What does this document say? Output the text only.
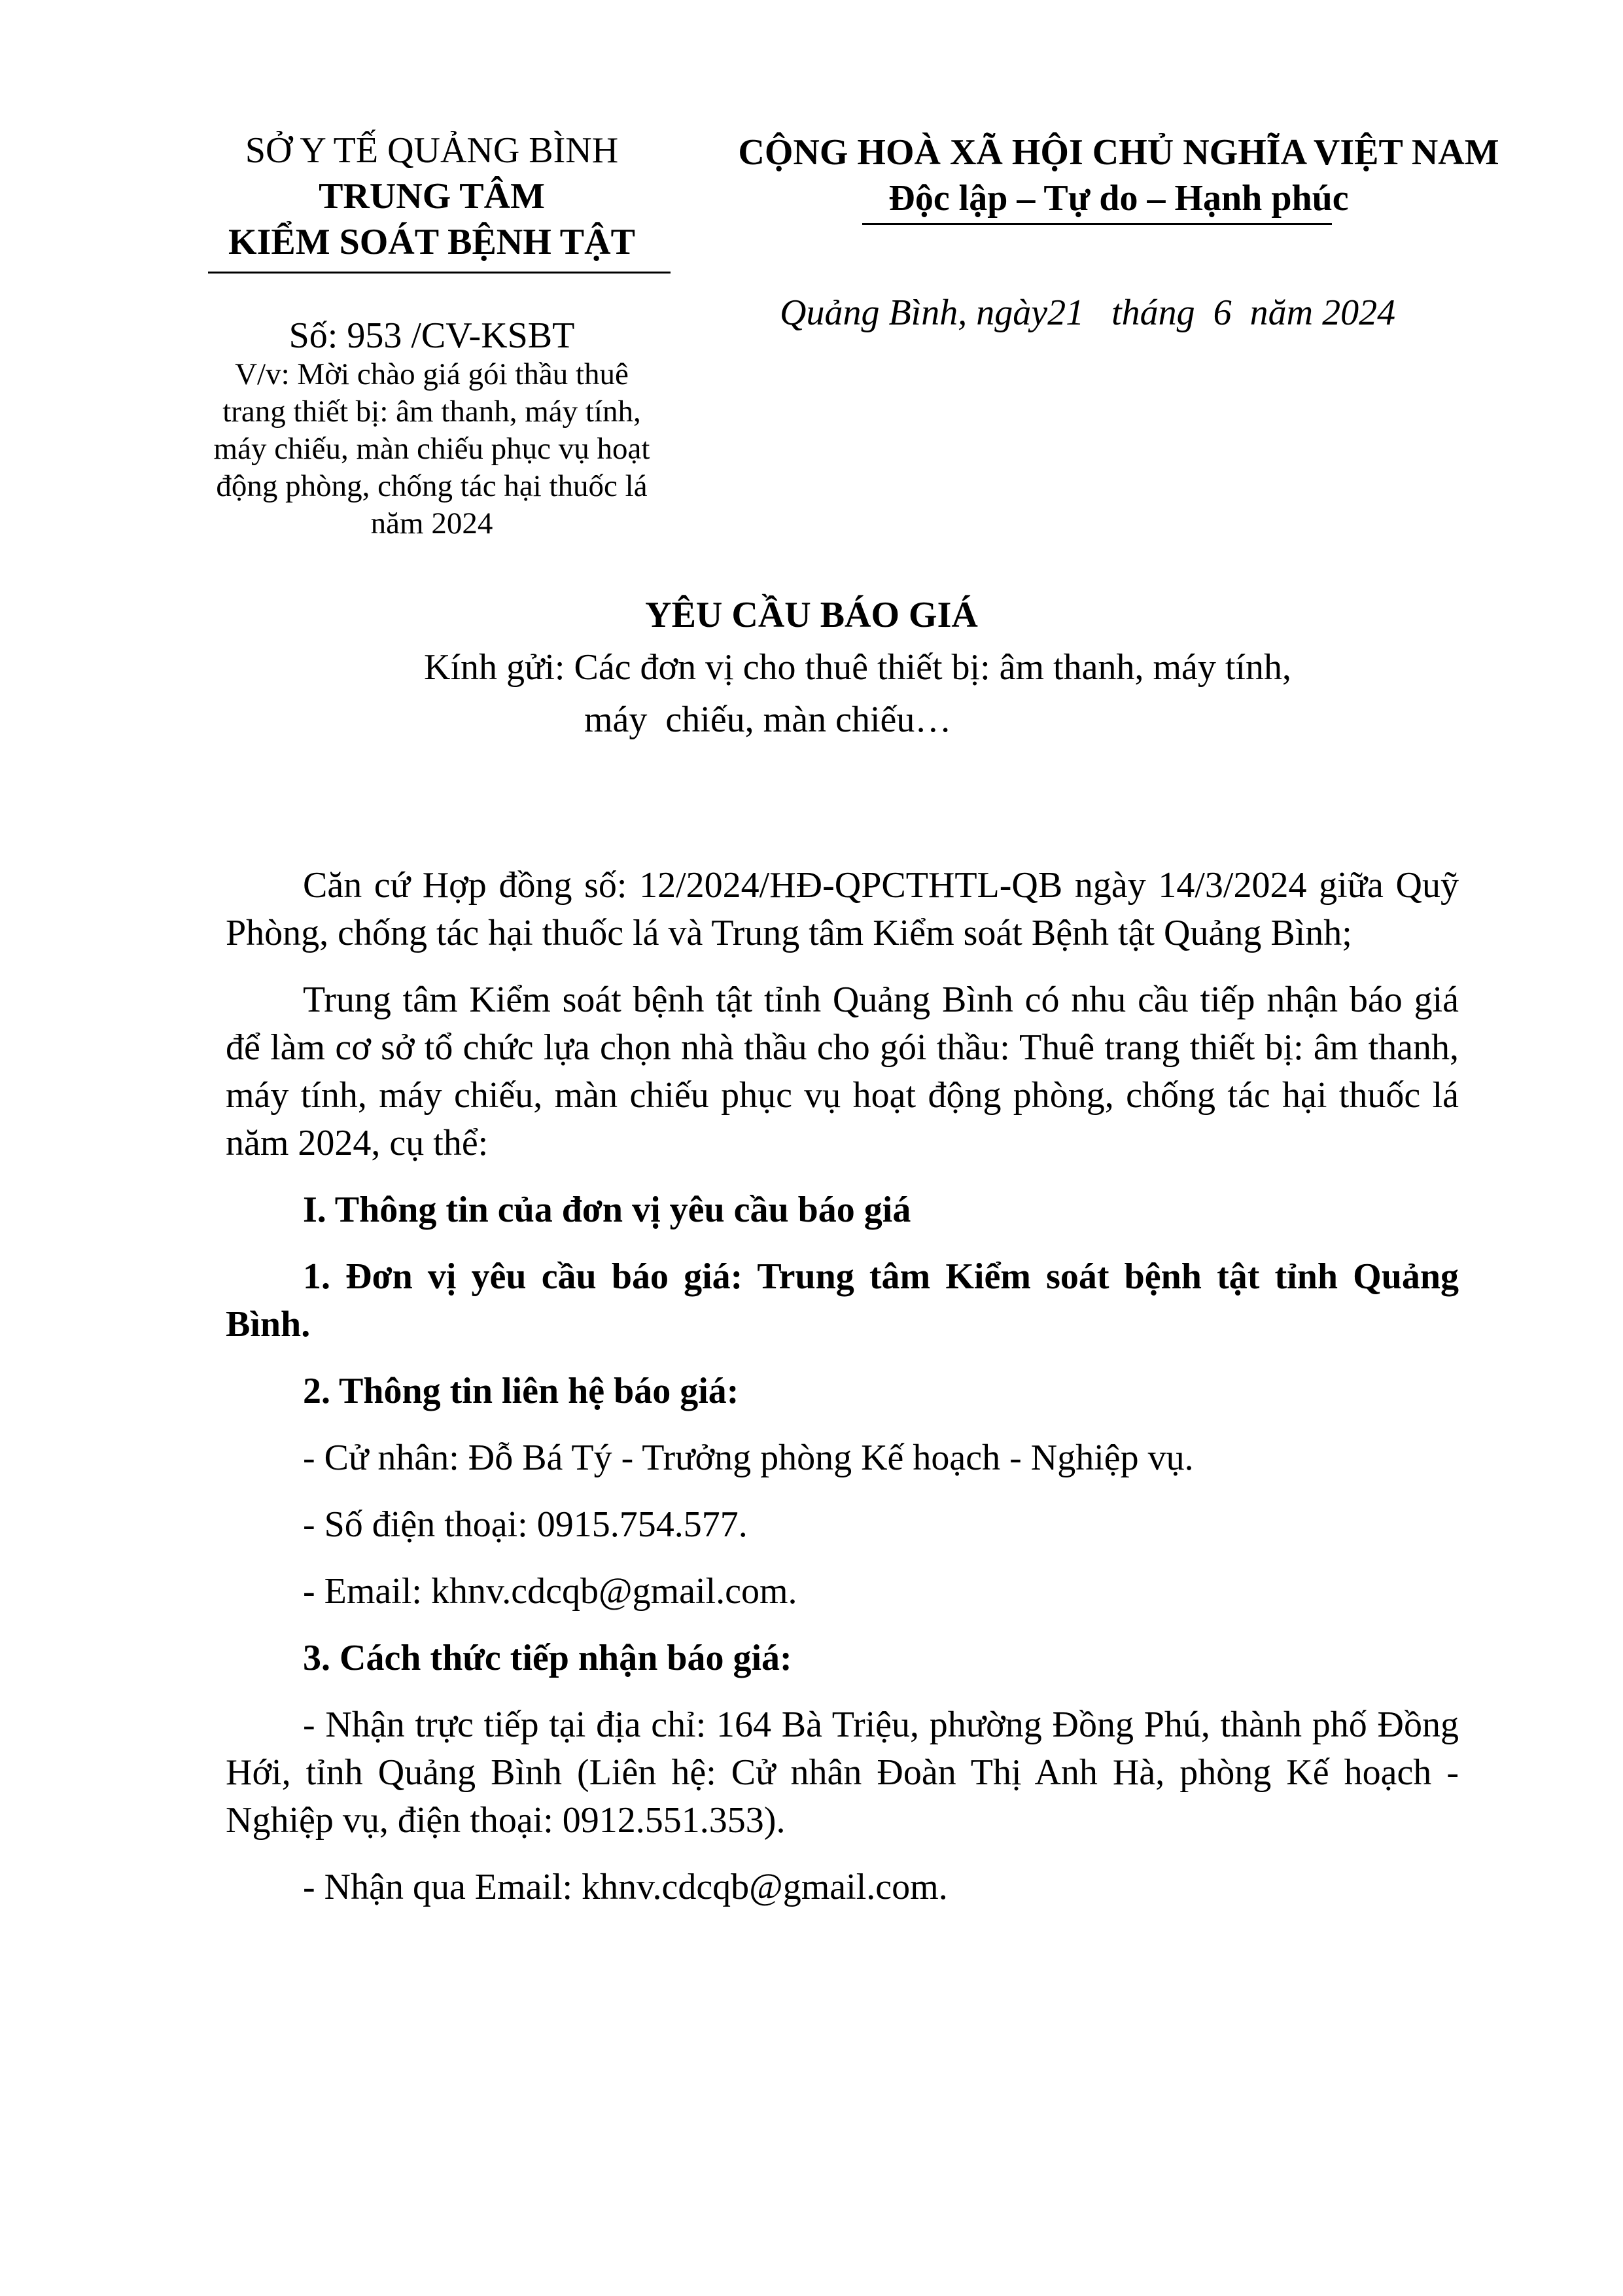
SỞ Y TẾ QUẢNG BÌNH
TRUNG TÂM
KIỂM SOÁT BỆNH TẬT
Số: 953 /CV-KSBT
V/v: Mời chào giá gói thầu thuê
trang thiết bị: âm thanh, máy tính,
máy chiếu, màn chiếu phục vụ hoạt
động phòng, chống tác hại thuốc lá
năm 2024
CỘNG HOÀ XÃ HỘI CHỦ NGHĨA VIỆT NAM
Độc lập – Tự do – Hạnh phúc
Quảng Bình, ngày21   tháng  6  năm 2024
YÊU CẦU BÁO GIÁ
Kính gửi: Các đơn vị cho thuê thiết bị: âm thanh, máy tính,
máy  chiếu, màn chiếu…

Căn cứ Hợp đồng số: 12/2024/HĐ-QPCTHTL-QB ngày 14/3/2024 giữa Quỹ Phòng, chống tác hại thuốc lá và Trung tâm Kiểm soát Bệnh tật Quảng Bình;

Trung tâm Kiểm soát bệnh tật tỉnh Quảng Bình có nhu cầu tiếp nhận báo giá để làm cơ sở tổ chức lựa chọn nhà thầu cho gói thầu: Thuê trang thiết bị: âm thanh, máy tính, máy chiếu, màn chiếu phục vụ hoạt động phòng, chống tác hại thuốc lá năm 2024, cụ thể:

I. Thông tin của đơn vị yêu cầu báo giá

1. Đơn vị yêu cầu báo giá: Trung tâm Kiểm soát bệnh tật tỉnh Quảng Bình.

2. Thông tin liên hệ báo giá:

- Cử nhân: Đỗ Bá Tý - Trưởng phòng Kế hoạch - Nghiệp vụ.

- Số điện thoại: 0915.754.577.

- Email: khnv.cdcqb@gmail.com.

3. Cách thức tiếp nhận báo giá:

- Nhận trực tiếp tại địa chỉ: 164 Bà Triệu, phường Đồng Phú, thành phố Đồng Hới, tỉnh Quảng Bình (Liên hệ: Cử nhân Đoàn Thị Anh Hà, phòng Kế hoạch - Nghiệp vụ, điện thoại: 0912.551.353).

- Nhận qua Email: khnv.cdcqb@gmail.com.
